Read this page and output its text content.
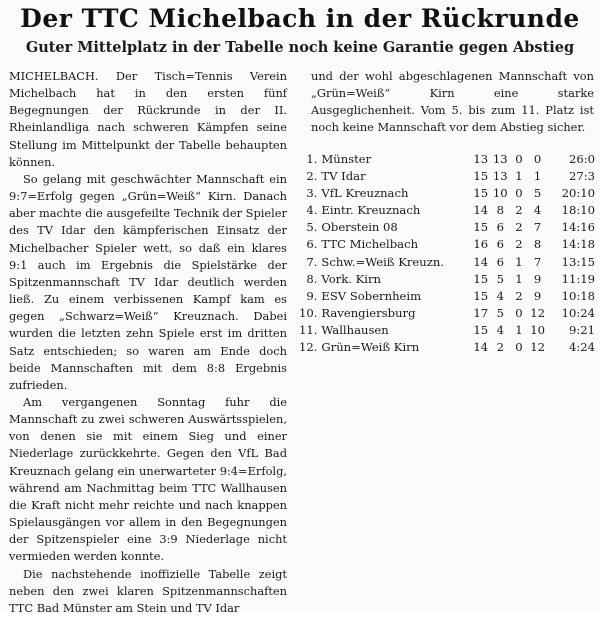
Der TTC Michelbach in der Rückrunde
Guter Mittelplatz in der Tabelle noch keine Garantie gegen Abstieg

MICHELBACH. Der Tisch=Tennis Verein Michelbach hat in den ersten fünf Begegnungen der Rückrunde in der II. Rheinlandliga nach schweren Kämpfen seine Stellung im Mittelpunkt der Tabelle behaupten können.

So gelang mit geschwächter Mannschaft ein 9:7=Erfolg gegen „Grün=Weiß“ Kirn. Danach aber machte die ausgefeilte Technik der Spieler des TV Idar den kämpferischen Einsatz der Michelbacher Spieler wett, so daß ein klares 9:1 auch im Ergebnis die Spielstärke der Spitzenmannschaft TV Idar deutlich werden ließ. Zu einem verbissenen Kampf kam es gegen „Schwarz=Weiß“ Kreuznach. Dabei wurden die letzten zehn Spiele erst im dritten Satz entschieden; so waren am Ende doch beide Mannschaften mit dem 8:8 Ergebnis zufrieden.

Am vergangenen Sonntag fuhr die Mannschaft zu zwei schweren Auswärtsspielen, von denen sie mit einem Sieg und einer Niederlage zurückkehrte. Gegen den VfL Bad Kreuznach gelang ein unerwarteter 9:4=Erfolg, während am Nachmittag beim TTC Wallhausen die Kraft nicht mehr reichte und nach knappen Spielausgängen vor allem in den Begegnungen der Spitzenspieler eine 3:9 Niederlage nicht vermieden werden konnte.

Die nachstehende inoffizielle Tabelle zeigt neben den zwei klaren Spitzenmannschaften TTC Bad Münster am Stein und TV Idar

und der wohl abgeschlagenen Mannschaft von „Grün=Weiß“ Kirn eine starke Ausgeglichenheit. Vom 5. bis zum 11. Platz ist noch keine Mannschaft vor dem Abstieg sicher.

1.	Münster	13	13	0	0	26:0
2.	TV Idar	15	13	1	1	27:3
3.	VfL Kreuznach	15	10	0	5	20:10
4.	Eintr. Kreuznach	14	8	2	4	18:10
5.	Oberstein 08	15	6	2	7	14:16
6.	TTC Michelbach	16	6	2	8	14:18
7.	Schw.=Weiß Kreuzn.	14	6	1	7	13:15
8.	Vork. Kirn	15	5	1	9	11:19
9.	ESV Sobernheim	15	4	2	9	10:18
10.	Ravengiersburg	17	5	0	12	10:24
11.	Wallhausen	15	4	1	10	9:21
12.	Grün=Weiß Kirn	14	2	0	12	4:24
